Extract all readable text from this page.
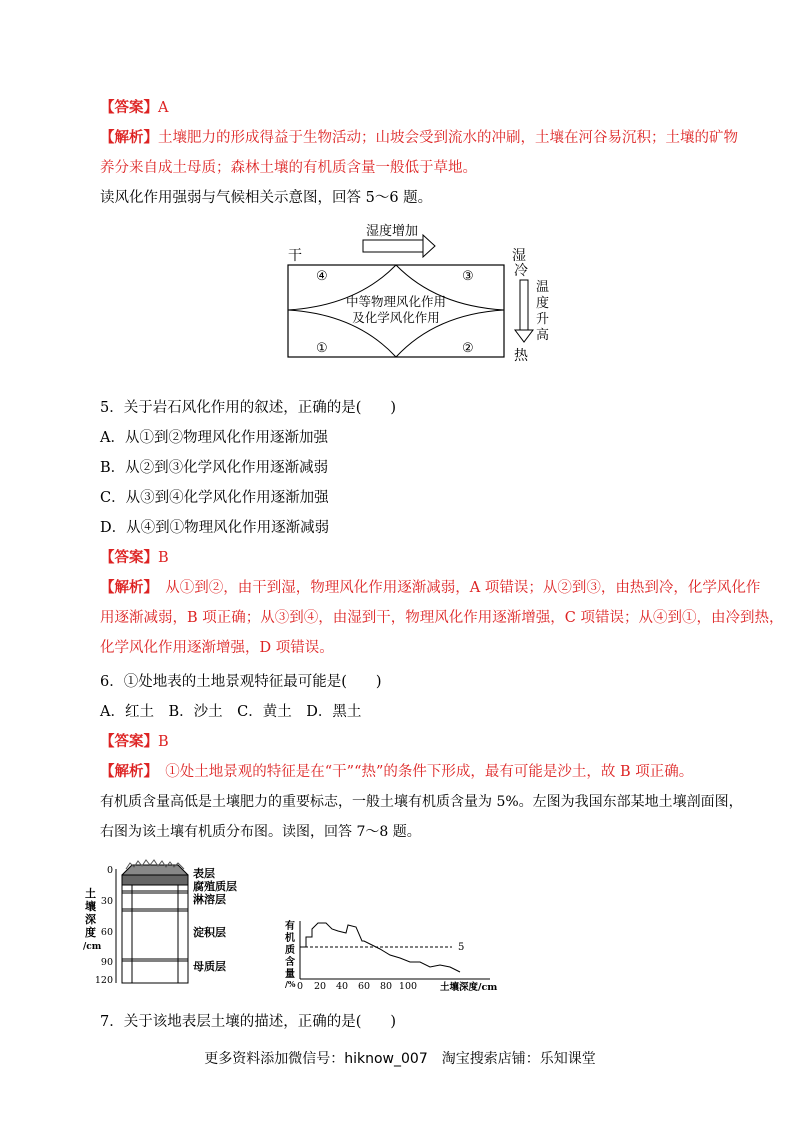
【答案】A
【解析】土壤肥力的形成得益于生物活动；山坡会受到流水的冲刷，土壤在河谷易沉积；土壤的矿物
养分来自成土母质；森林土壤的有机质含量一般低于草地。
读风化作用强弱与气候相关示意图，回答 5～6 题。
干	湿
湿度增加
④	③
①	②
中等物理风化作用
及化学风化作用
冷
热
温
度
升
高
5．关于岩石风化作用的叙述，正确的是(　　)
A．从①到②物理风化作用逐渐加强
B．从②到③化学风化作用逐渐减弱
C．从③到④化学风化作用逐渐加强
D．从④到①物理风化作用逐渐减弱
【答案】B
【解析】　从①到②，由干到湿，物理风化作用逐渐减弱，A 项错误；从②到③，由热到冷，化学风化作
用逐渐减弱，B 项正确；从③到④，由湿到干，物理风化作用逐渐增强，C 项错误；从④到①，由冷到热，
化学风化作用逐渐增强，D 项错误。
6．①处地表的土地景观特征最可能是(　　)
A．红土　B．沙土　C．黄土　D．黑土
【答案】B
【解析】　①处土地景观的特征是在“干”“热”的条件下形成，最有可能是沙土，故 B 项正确。
有机质含量高低是土壤肥力的重要标志，一般土壤有机质含量为 5%。左图为我国东部某地土壤剖面图，
右图为该土壤有机质分布图。读图，回答 7～8 题。
土
壤
深
度
/cm
0
30
60
90
120
表层
腐殖质层
淋溶层
淀积层
母质层
有
机
质
含
量
/%
5
0 20 40 60 80 100 土壤深度/cm
7．关于该地表层土壤的描述，正确的是(　　)
更多资料添加微信号：hiknow_007　淘宝搜索店铺：乐知课堂
